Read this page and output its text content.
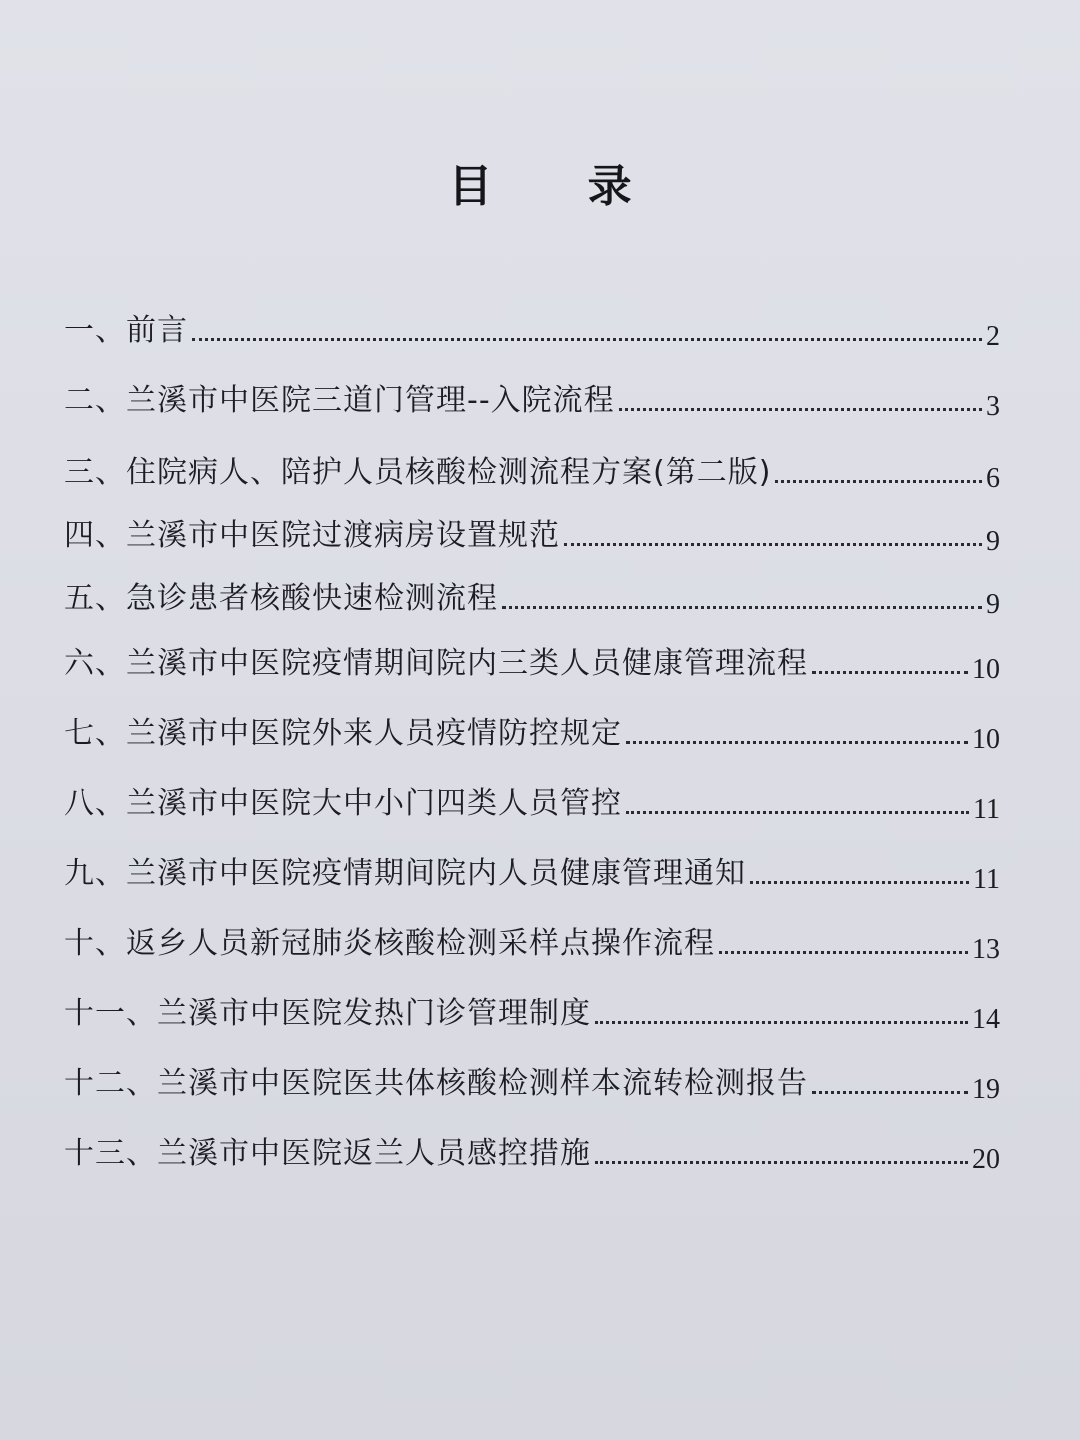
目 录
一、前言	2
二、兰溪市中医院三道门管理--入院流程	3
三、住院病人、陪护人员核酸检测流程方案(第二版)	6
四、兰溪市中医院过渡病房设置规范	9
五、急诊患者核酸快速检测流程	9
六、兰溪市中医院疫情期间院内三类人员健康管理流程	10
七、兰溪市中医院外来人员疫情防控规定	10
八、兰溪市中医院大中小门四类人员管控	11
九、兰溪市中医院疫情期间院内人员健康管理通知	11
十、返乡人员新冠肺炎核酸检测采样点操作流程	13
十一、兰溪市中医院发热门诊管理制度	14
十二、兰溪市中医院医共体核酸检测样本流转检测报告	19
十三、兰溪市中医院返兰人员感控措施	20
